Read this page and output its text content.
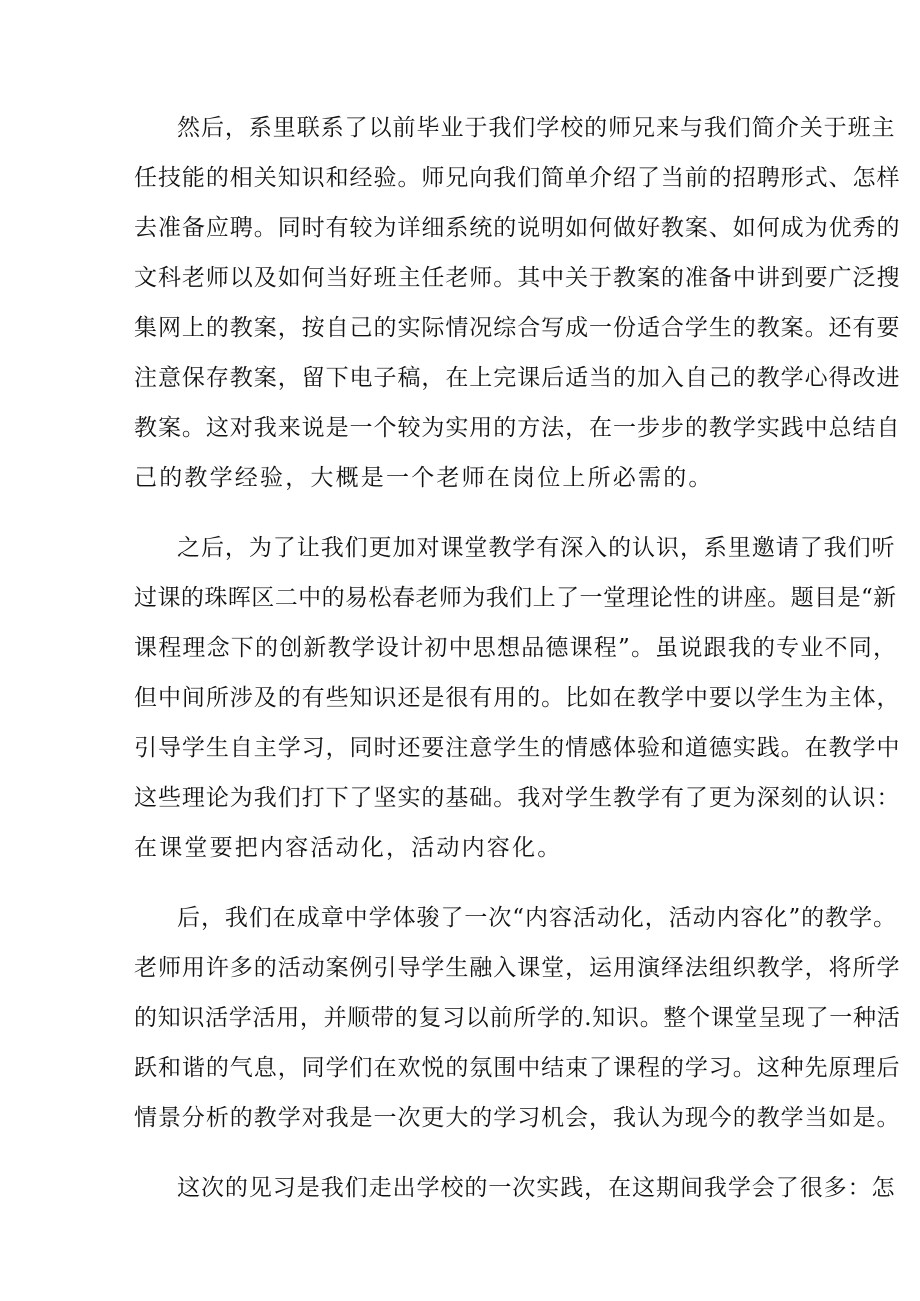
然后，系里联系了以前毕业于我们学校的师兄来与我们简介关于班主
任技能的相关知识和经验。师兄向我们简单介绍了当前的招聘形式、怎样
去准备应聘。同时有较为详细系统的说明如何做好教案、如何成为优秀的
文科老师以及如何当好班主任老师。其中关于教案的准备中讲到要广泛搜
集网上的教案，按自己的实际情况综合写成一份适合学生的教案。还有要
注意保存教案，留下电子稿，在上完课后适当的加入自己的教学心得改进
教案。这对我来说是一个较为实用的方法，在一步步的教学实践中总结自
己的教学经验，大概是一个老师在岗位上所必需的。
之后，为了让我们更加对课堂教学有深入的认识，系里邀请了我们听
过课的珠晖区二中的易松春老师为我们上了一堂理论性的讲座。题目是“新
课程理念下的创新教学设计初中思想品德课程”。虽说跟我的专业不同，
但中间所涉及的有些知识还是很有用的。比如在教学中要以学生为主体，
引导学生自主学习，同时还要注意学生的情感体验和道德实践。在教学中
这些理论为我们打下了坚实的基础。我对学生教学有了更为深刻的认识：
在课堂要把内容活动化，活动内容化。
后，我们在成章中学体骏了一次“内容活动化，活动内容化”的教学。
老师用许多的活动案例引导学生融入课堂，运用演绎法组织教学，将所学
的知识活学活用，并顺带的复习以前所学的.知识。整个课堂呈现了一种活
跃和谐的气息，同学们在欢悦的氛围中结束了课程的学习。这种先原理后
情景分析的教学对我是一次更大的学习机会，我认为现今的教学当如是。
这次的见习是我们走出学校的一次实践，在这期间我学会了很多：怎
